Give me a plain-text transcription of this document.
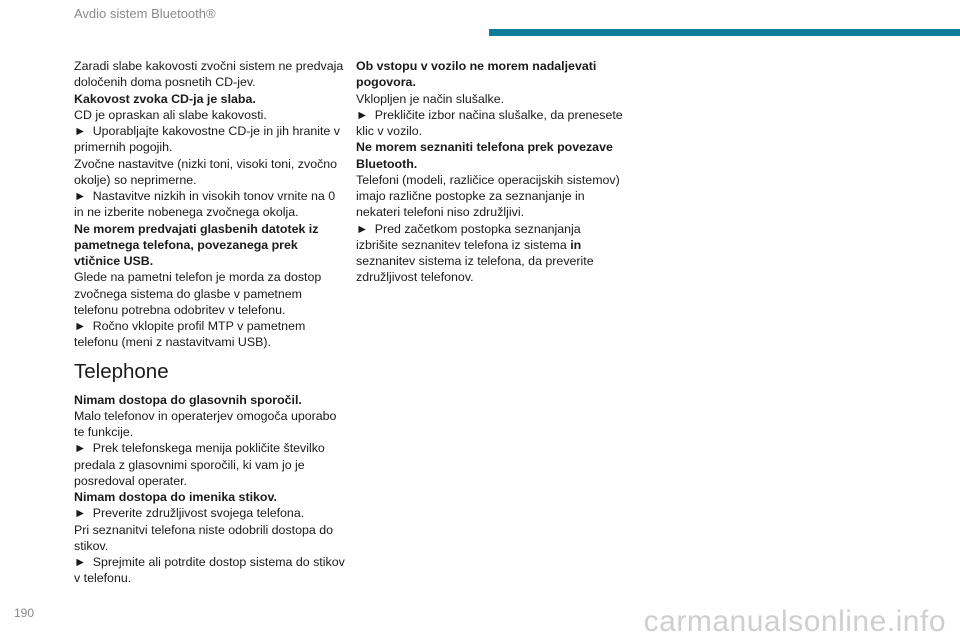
Avdio sistem Bluetooth®

Zaradi slabe kakovosti zvočni sistem ne predvaja določenih doma posnetih CD-jev.

Kakovost zvoka CD-ja je slaba.

CD je opraskan ali slabe kakovosti.

► Uporabljajte kakovostne CD-je in jih hranite v primernih pogojih.

Zvočne nastavitve (nizki toni, visoki toni, zvočno okolje) so neprimerne.

► Nastavitve nizkih in visokih tonov vrnite na 0 in ne izberite nobenega zvočnega okolja.

Ne morem predvajati glasbenih datotek iz pametnega telefona, povezanega prek vtičnice USB.

Glede na pametni telefon je morda za dostop zvočnega sistema do glasbe v pametnem telefonu potrebna odobritev v telefonu.

► Ročno vklopite profil MTP v pametnem telefonu (meni z nastavitvami USB).

Telephone

Nimam dostopa do glasovnih sporočil.

Malo telefonov in operaterjev omogoča uporabo te funkcije.

► Prek telefonskega menija pokličite številko predala z glasovnimi sporočili, ki vam jo je posredoval operater.

Nimam dostopa do imenika stikov.

► Preverite združljivost svojega telefona.

Pri seznanitvi telefona niste odobrili dostopa do stikov.

► Sprejmite ali potrdite dostop sistema do stikov v telefonu.

Ob vstopu v vozilo ne morem nadaljevati pogovora.

Vklopljen je način slušalke.

► Prekličite izbor načina slušalke, da prenesete klic v vozilo.

Ne morem seznaniti telefona prek povezave Bluetooth.

Telefoni (modeli, različice operacijskih sistemov) imajo različne postopke za seznanjanje in nekateri telefoni niso združljivi.

► Pred začetkom postopka seznanjanja izbrišite seznanitev telefona iz sistema in seznanitev sistema iz telefona, da preverite združljivost telefonov.

190	carmanualsonline.info
